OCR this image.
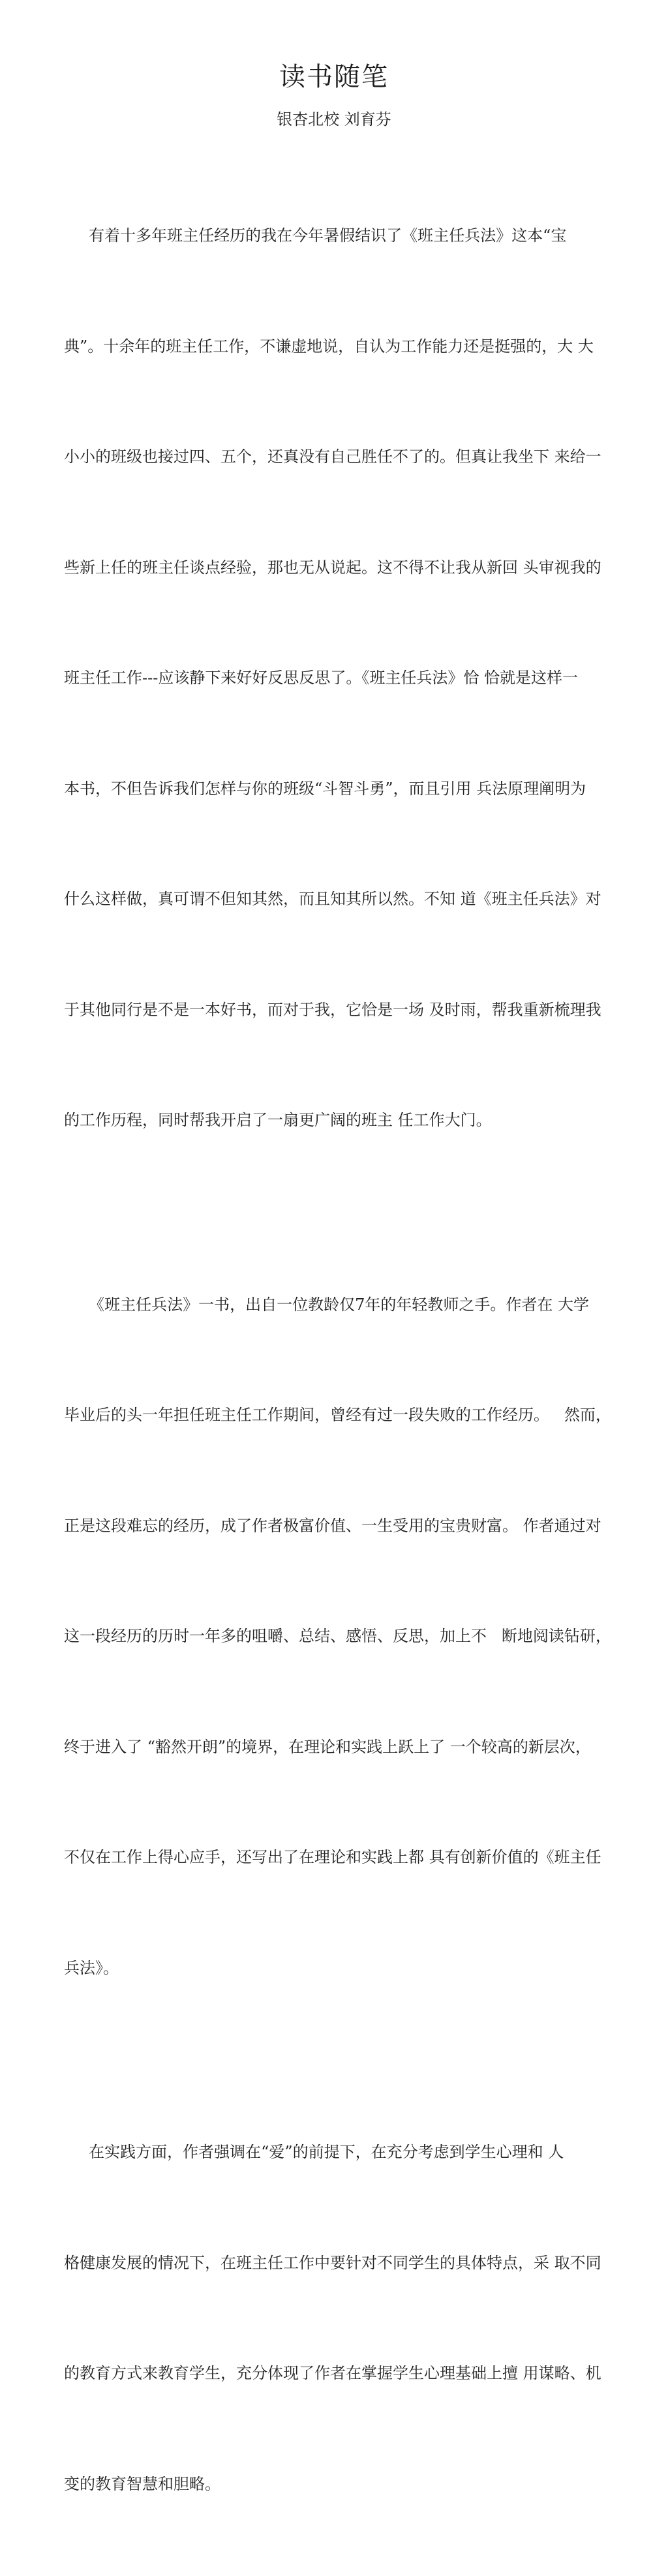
读书随笔
银杏北校 刘育芬

有着十多年班主任经历的我在今年暑假结识了《班主任兵法》这本“宝

典”。十余年的班主任工作，不谦虚地说，自认为工作能力还是挺强的，大 大

小小的班级也接过四、五个，还真没有自己胜任不了的。但真让我坐下 来给一

些新上任的班主任谈点经验，那也无从说起。这不得不让我从新回 头审视我的

班主任工作---应该静下来好好反思反思了。《班主任兵法》恰 恰就是这样一

本书，不但告诉我们怎样与你的班级“斗智斗勇”，而且引用 兵法原理阐明为

什么这样做，真可谓不但知其然，而且知其所以然。不知 道《班主任兵法》对

于其他同行是不是一本好书，而对于我，它恰是一场 及时雨，帮我重新梳理我

的工作历程，同时帮我开启了一扇更广阔的班主 任工作大门。

《班主任兵法》一书，出自一位教龄仅7年的年轻教师之手。作者在 大学

毕业后的头一年担任班主任工作期间，曾经有过一段失败的工作经历。   然而，

正是这段难忘的经历，成了作者极富价值、一生受用的宝贵财富。 作者通过对

这一段经历的历时一年多的咀嚼、总结、感悟、反思，加上不   断地阅读钻研，

终于进入了 “豁然开朗”的境界，在理论和实践上跃上了 一个较高的新层次，

不仅在工作上得心应手，还写出了在理论和实践上都 具有创新价值的《班主任

兵法》。

在实践方面，作者强调在“爱”的前提下，在充分考虑到学生心理和 人

格健康发展的情况下，在班主任工作中要针对不同学生的具体特点，采 取不同

的教育方式来教育学生，充分体现了作者在掌握学生心理基础上擅 用谋略、机

变的教育智慧和胆略。
